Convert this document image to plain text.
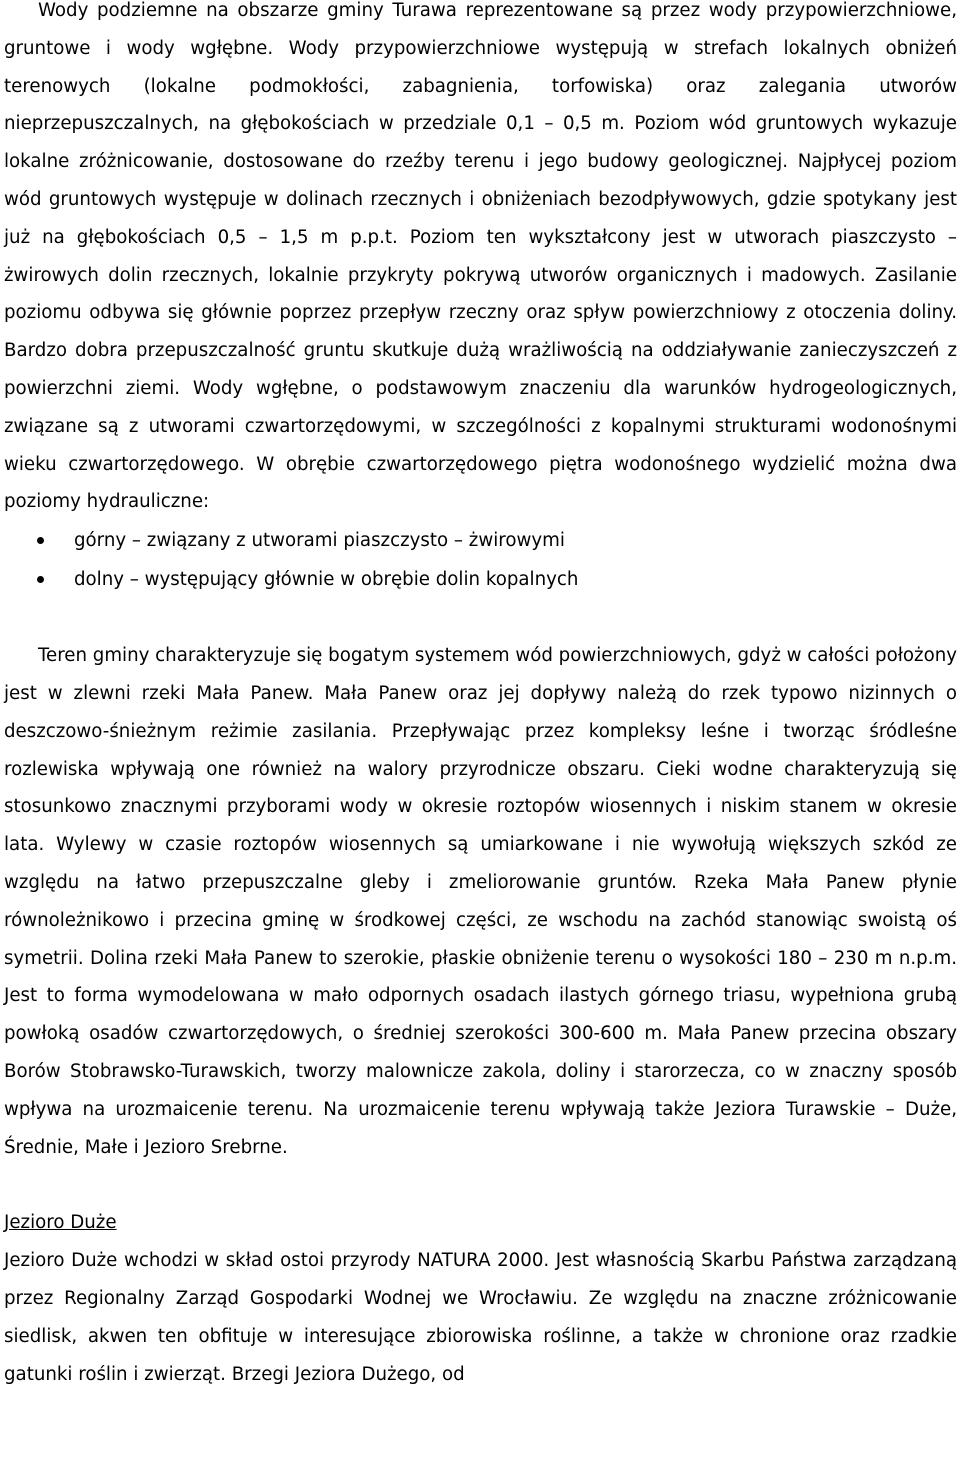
Wody podziemne na obszarze gminy Turawa reprezentowane są przez wody przypowierzchniowe, gruntowe i wody wgłębne. Wody przypowierzchniowe występują w strefach lokalnych obniżeń terenowych (lokalne podmokłości, zabagnienia, torfowiska) oraz zalegania utworów nieprzepuszczalnych, na głębokościach w przedziale 0,1 – 0,5 m. Poziom wód gruntowych wykazuje lokalne zróżnicowanie, dostosowane do rzeźby terenu i jego budowy geologicznej. Najpłycej poziom wód gruntowych występuje w dolinach rzecznych i obniżeniach bezodpływowych, gdzie spotykany jest już na głębokościach 0,5 – 1,5 m p.p.t. Poziom ten wykształcony jest w utworach piaszczysto – żwirowych dolin rzecznych, lokalnie przykryty pokrywą utworów organicznych i madowych. Zasilanie poziomu odbywa się głównie poprzez przepływ rzeczny oraz spływ powierzchniowy z otoczenia doliny. Bardzo dobra przepuszczalność gruntu skutkuje dużą wrażliwością na oddziaływanie zanieczyszczeń z powierzchni ziemi. Wody wgłębne, o podstawowym znaczeniu dla warunków hydrogeologicznych, związane są z utworami czwartorzędowymi, w szczególności z kopalnymi strukturami wodonośnymi wieku czwartorzędowego. W obrębie czwartorzędowego piętra wodonośnego wydzielić można dwa poziomy hydrauliczne:

górny – związany z utworami piaszczysto – żwirowymi
dolny – występujący głównie w obrębie dolin kopalnych

Teren gminy charakteryzuje się bogatym systemem wód powierzchniowych, gdyż w całości położony jest w zlewni rzeki Mała Panew. Mała Panew oraz jej dopływy należą do rzek typowo nizinnych o deszczowo-śnieżnym reżimie zasilania. Przepływając przez kompleksy leśne i tworząc śródleśne rozlewiska wpływają one również na walory przyrodnicze obszaru. Cieki wodne charakteryzują się stosunkowo znacznymi przyborami wody w okresie roztopów wiosennych i niskim stanem w okresie lata. Wylewy w czasie roztopów wiosennych są umiarkowane i nie wywołują większych szkód ze względu na łatwo przepuszczalne gleby i zmeliorowanie gruntów. Rzeka Mała Panew płynie równoleżnikowo i przecina gminę w środkowej części, ze wschodu na zachód stanowiąc swoistą oś symetrii. Dolina rzeki Mała Panew to szerokie, płaskie obniżenie terenu o wysokości 180 – 230 m n.p.m. Jest to forma wymodelowana w mało odpornych osadach ilastych górnego triasu, wypełniona grubą powłoką osadów czwartorzędowych, o średniej szerokości 300-600 m. Mała Panew przecina obszary Borów Stobrawsko-Turawskich, tworzy malownicze zakola, doliny i starorzecza, co w znaczny sposób wpływa na urozmaicenie terenu. Na urozmaicenie terenu wpływają także Jeziora Turawskie – Duże, Średnie, Małe i Jezioro Srebrne.

Jezioro Duże

Jezioro Duże wchodzi w skład ostoi przyrody NATURA 2000. Jest własnością Skarbu Państwa zarządzaną przez Regionalny Zarząd Gospodarki Wodnej we Wrocławiu. Ze względu na znaczne zróżnicowanie siedlisk, akwen ten obfituje w interesujące zbiorowiska roślinne, a także w chronione oraz rzadkie gatunki roślin i zwierząt. Brzegi Jeziora Dużego, od
